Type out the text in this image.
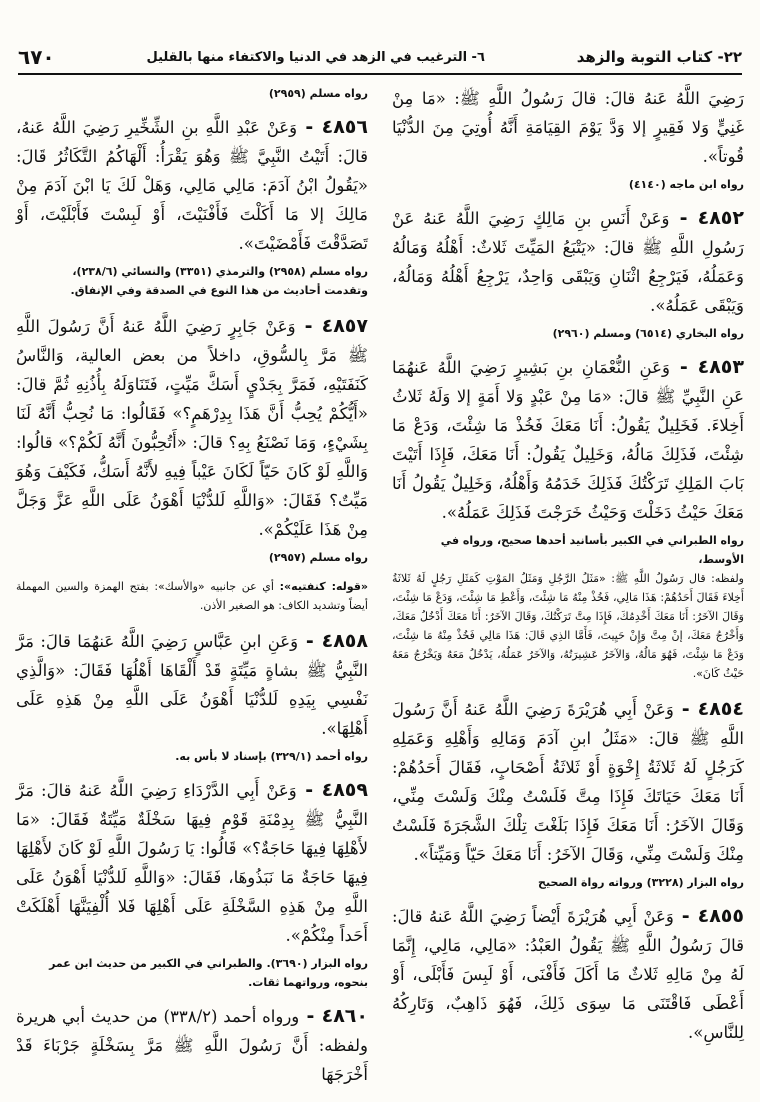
٢٢- كتاب التوبة والزهد
٦- الترغيب في الزهد في الدنيا والاكتفاء منها بالقليل
٦٧٠

رَضِيَ اللَّهُ عَنهُ قالَ: قالَ رَسُولُ اللَّهِ ﷺ: «مَا مِنْ غَنِيٍّ وَلا فَقِيرٍ إلا وَدَّ يَوْمَ القِيَامَةِ أَنَّهُ أُوتِيَ مِنَ الدُّنْيَا قُوتاً».

رواه ابن ماجه (٤١٤٠)

٤٨٥٢ - وَعَنْ أَنَسِ بنِ مَالِكٍ رَضِيَ اللَّهُ عَنهُ عَنْ رَسُولِ اللَّهِ ﷺ قالَ: «يَتْبَعُ المَيِّتَ ثَلاثٌ: أَهْلُهُ وَمَالُهُ وَعَمَلُهُ، فَيَرْجِعُ اثْنَانِ وَيَبْقَى وَاحِدٌ، يَرْجِعُ أَهْلُهُ وَمَالُهُ، وَيَبْقَى عَمَلُهُ».

رواه البخاري (٦٥١٤) ومسلم (٢٩٦٠)

٤٨٥٣ - وَعَنِ النُّعْمَانِ بنِ بَشِيرٍ رَضِيَ اللَّهُ عَنهُمَا عَنِ النَّبِيِّ ﷺ قالَ: «مَا مِنْ عَبْدٍ وَلا أَمَةٍ إلا وَلَهُ ثَلاثُ أَخِلاءَ. فَخَلِيلٌ يَقُولُ: أَنَا مَعَكَ فَخُذْ مَا شِئْتَ، وَدَعْ مَا شِئْتَ، فَذَلِكَ مَالُهُ، وَخَلِيلٌ يَقُولُ: أَنَا مَعَكَ، فَإِذَا أَتَيْتَ بَابَ المَلِكِ تَرَكْتُكَ فَذَلِكَ خَدَمُهُ وَأَهْلُهُ، وَخَلِيلٌ يَقُولُ أَنَا مَعَكَ حَيْثُ دَخَلْتَ وَحَيْثُ خَرَجْتَ فَذَلِكَ عَمَلُهُ».

رواه الطبراني في الكبير بأسانيد أحدها صحيح، ورواه في الأوسط،

ولفظه: قال رَسُولُ اللَّهِ ﷺ: «مَثَلُ الرَّجُلِ وَمَثَلُ المَوْتِ كَمَثَلِ رَجُلٍ لَهُ ثَلاثَةُ أَخِلاءَ فَقَالَ أَحَدُهُمْ: هَذَا مَالِي، فَخُذْ مِنْهُ مَا شِئْتَ، وَأَعْطِ مَا شِئْتَ، وَدَعْ مَا شِئْتَ، وَقَالَ الآخَرُ: أَنَا مَعَكَ أَخْدِمُكَ، فَإِذَا مِتَّ تَرَكْتُكَ، وَقَالَ الآخَرُ: أَنَا مَعَكَ أَدْخُلُ مَعَكَ، وَأَخْرُجُ مَعَكَ، إنْ مِتَّ وَإِنْ حَيِيتَ، فَأَمَّا الذِي قَالَ: هَذَا مَالِي فَخُذْ مِنْهُ مَا شِئْتَ، وَدَعْ مَا شِئْتَ، فَهُوَ مَالُهُ، وَالآخَرُ عَشِيرَتُهُ، وَالآخَرُ عَمَلُهُ، يَدْخُلُ مَعَهُ وَيَخْرُجُ مَعَهُ حَيْثُ كَانَ».

٤٨٥٤ - وَعَنْ أَبِي هُرَيْرَةَ رَضِيَ اللَّهُ عَنهُ أَنَّ رَسُولَ اللَّهِ ﷺ قالَ: «مَثَلُ ابنِ آدَمَ وَمَالِهِ وَأَهْلِهِ وَعَمَلِهِ كَرَجُلٍ لَهُ ثَلاثَةُ إِخْوَةٍ أَوْ ثَلاثَةُ أَصْحَابٍ، فَقَالَ أَحَدُهُمْ: أَنَا مَعَكَ حَيَاتَكَ فَإِذَا مِتَّ فَلَسْتُ مِنْكَ وَلَسْتَ مِنِّي، وَقَالَ الآخَرُ: أَنَا مَعَكَ فَإِذَا بَلَغْتَ تِلْكَ الشَّجَرَةَ فَلَسْتُ مِنْكَ وَلَسْتَ مِنِّي، وَقَالَ الآخَرُ: أَنَا مَعَكَ حَيّاً وَمَيِّتاً».

رواه البزار (٣٢٢٨) ورواته رواة الصحيح

٤٨٥٥ - وَعَنْ أَبِي هُرَيْرَةَ أَيْضاً رَضِيَ اللَّهُ عَنهُ قالَ: قالَ رَسُولُ اللَّهِ ﷺ يَقُولُ العَبْدُ: «مَالِي، مَالِي، إِنَّمَا لَهُ مِنْ مَالِهِ ثَلاثٌ مَا أَكَلَ فَأَفْنَى، أَوْ لَبِسَ فَأَبْلَى، أَوْ أَعْطَى فَاقْتَنَى مَا سِوَى ذَلِكَ، فَهُوَ ذَاهِبٌ، وَتَارِكُهُ لِلنَّاسِ».

رواه مسلم (٢٩٥٩)

٤٨٥٦ - وَعَنْ عَبْدِ اللَّهِ بنِ الشِّخِّيرِ رَضِيَ اللَّهُ عَنهُ، قالَ: أَتَيْتُ النَّبِيَّ ﷺ وَهُوَ يَقْرَأُ: أَلْهَاكُمُ التَّكَاثُرُ قَالَ: «يَقُولُ ابْنُ آدَمَ: مَالِي مَالِي، وَهَلْ لَكَ يَا ابْنَ آدَمَ مِنْ مَالِكَ إلا مَا أَكَلْتَ فَأَفْنَيْتَ، أَوْ لَبِسْتَ فَأَبْلَيْتَ، أَوْ تَصَدَّقْتَ فَأَمْضَيْتَ».

رواه مسلم (٢٩٥٨) والترمذي (٣٣٥١) والنسائي (٢٣٨/٦)،

وتقدمت أحاديث من هذا النوع في الصدقة وفي الإنفاق.

٤٨٥٧ - وَعَنْ جَابِرٍ رَضِيَ اللَّهُ عَنهُ أَنَّ رَسُولَ اللَّهِ ﷺ مَرَّ بِالسُّوقِ، داخلاً من بعض العالية، وَالنَّاسُ كَنَفَتَيْهِ، فَمَرَّ بِجَدْيٍ أَسَكَّ مَيِّتٍ، فَتَنَاوَلَهُ بِأُذُنِهِ ثُمَّ قالَ: «أَيُّكُمْ يُحِبُّ أَنَّ هَذَا بِدِرْهَمٍ؟» فَقَالُوا: مَا نُحِبُّ أَنَّهُ لَنَا بِشَيْءٍ، وَمَا نَصْنَعُ بِهِ؟ قالَ: «أَتُحِبُّونَ أَنَّهُ لَكُمْ؟» قالُوا: وَاللَّهِ لَوْ كَانَ حَيّاً لَكَانَ عَيْباً فِيهِ لأَنَّهُ أَسَكُّ، فَكَيْفَ وَهُوَ مَيِّتٌ؟ فَقَالَ: «وَاللَّهِ لَلدُّنْيَا أَهْوَنُ عَلَى اللَّهِ عَزَّ وَجَلَّ مِنْ هَذَا عَلَيْكُمْ».

رواه مسلم (٢٩٥٧)

«قوله: كنفتيه»: أي عن جانبيه «والأسك»: بفتح الهمزة والسين المهملة أيضاً وتشديد الكاف: هو الصغير الأذن.

٤٨٥٨ - وَعَنِ ابنِ عَبَّاسٍ رَضِيَ اللَّهُ عَنهُمَا قالَ: مَرَّ النَّبِيُّ ﷺ بشاةٍ مَيِّتَةٍ قَدْ أَلْقَاهَا أَهْلُهَا فَقَالَ: «وَالَّذِي نَفْسِي بِيَدِهِ لَلدُّنْيَا أَهْوَنُ عَلَى اللَّهِ مِنْ هَذِهِ عَلَى أَهْلِهَا».

رواه أحمد (٣٢٩/١) بإسناد لا بأس به.

٤٨٥٩ - وَعَنْ أَبِي الدَّرْدَاءِ رَضِيَ اللَّهُ عَنهُ قالَ: مَرَّ النَّبِيُّ ﷺ بِدِمْنَةِ قَوْمٍ فِيهَا سَخْلَةٌ مَيِّتَةٌ فَقَالَ: «مَا لأَهْلِهَا فِيهَا حَاجَةٌ؟» قَالُوا: يَا رَسُولَ اللَّهِ لَوْ كَانَ لأَهْلِهَا فِيهَا حَاجَةٌ مَا نَبَذُوهَا، فَقَالَ: «وَاللَّهِ لَلدُّنْيَا أَهْوَنُ عَلَى اللَّهِ مِنْ هَذِهِ السَّخْلَةِ عَلَى أَهْلِهَا فَلا أُلْفِيَنَّهَا أَهْلَكَتْ أَحَداً مِنْكُمْ».

رواه البزار (٣٦٩٠). والطبراني في الكبير من حديث ابن عمر بنحوه، ورواتهما ثقات.

٤٨٦٠ - ورواه أحمد (٣٣٨/٢) من حديث أبي هريرة ولفظه: أَنَّ رَسُولَ اللَّهِ ﷺ مَرَّ بِسَخْلَةٍ جَرْبَاءَ قَدْ أَخْرَجَهَا
